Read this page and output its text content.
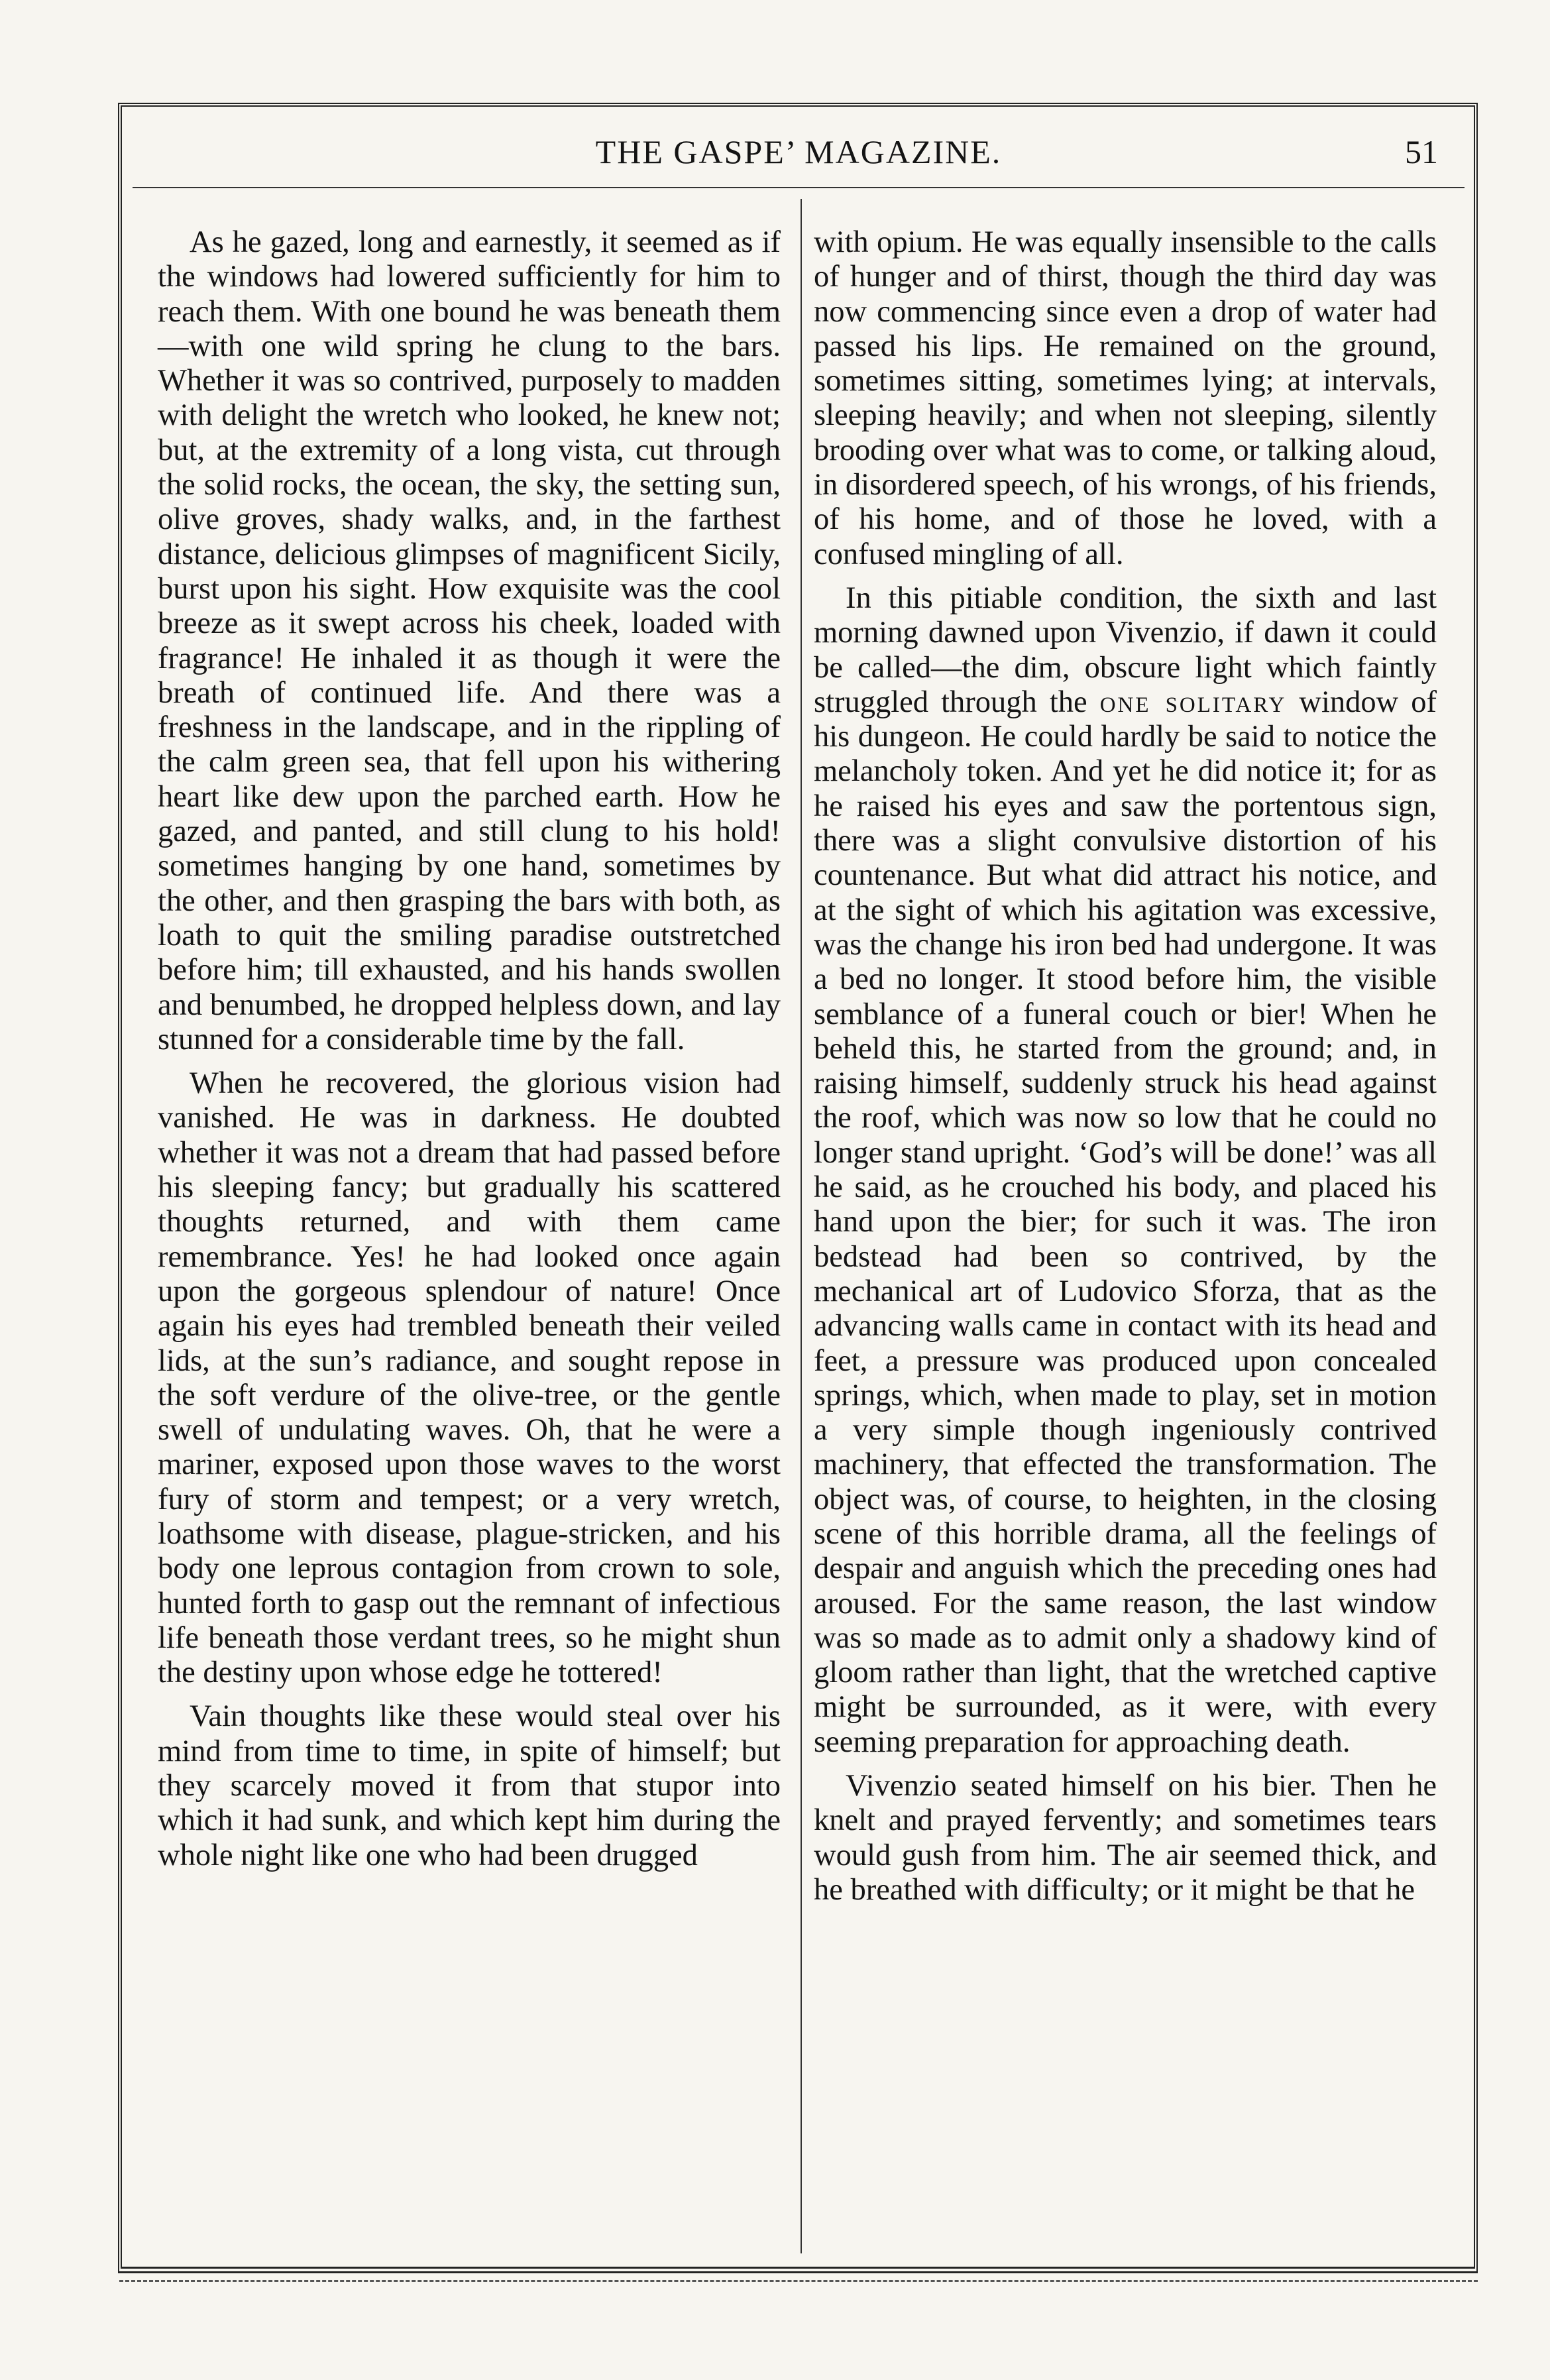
THE GASPE’ MAGAZINE.	51

As he gazed, long and earnestly, it seemed as if the windows had lowered sufficiently for him to reach them. With one bound he was beneath them—with one wild spring he clung to the bars. Whether it was so contrived, purposely to madden with delight the wretch who looked, he knew not; but, at the extremity of a long vista, cut through the solid rocks, the ocean, the sky, the setting sun, olive groves, shady walks, and, in the farthest distance, delicious glimpses of magnificent Sicily, burst upon his sight. How exquisite was the cool breeze as it swept across his cheek, loaded with fragrance! He inhaled it as though it were the breath of continued life. And there was a freshness in the landscape, and in the rippling of the calm green sea, that fell upon his withering heart like dew upon the parched earth. How he gazed, and panted, and still clung to his hold! sometimes hanging by one hand, sometimes by the other, and then grasping the bars with both, as loath to quit the smiling paradise outstretched before him; till exhausted, and his hands swollen and benumbed, he dropped helpless down, and lay stunned for a considerable time by the fall.

When he recovered, the glorious vision had vanished. He was in darkness. He doubted whether it was not a dream that had passed before his sleeping fancy; but gradually his scattered thoughts returned, and with them came remembrance. Yes! he had looked once again upon the gorgeous splendour of nature! Once again his eyes had trembled beneath their veiled lids, at the sun’s radiance, and sought repose in the soft verdure of the olive-tree, or the gentle swell of undulating waves. Oh, that he were a mariner, exposed upon those waves to the worst fury of storm and tempest; or a very wretch, loathsome with disease, plague-stricken, and his body one leprous contagion from crown to sole, hunted forth to gasp out the remnant of infectious life beneath those verdant trees, so he might shun the destiny upon whose edge he tottered!

Vain thoughts like these would steal over his mind from time to time, in spite of himself; but they scarcely moved it from that stupor into which it had sunk, and which kept him during the whole night like one who had been drugged

with opium. He was equally insensible to the calls of hunger and of thirst, though the third day was now commencing since even a drop of water had passed his lips. He remained on the ground, sometimes sitting, sometimes lying; at intervals, sleeping heavily; and when not sleeping, silently brooding over what was to come, or talking aloud, in disordered speech, of his wrongs, of his friends, of his home, and of those he loved, with a confused mingling of all.

In this pitiable condition, the sixth and last morning dawned upon Vivenzio, if dawn it could be called—the dim, obscure light which faintly struggled through the one solitary window of his dungeon. He could hardly be said to notice the melancholy token. And yet he did notice it; for as he raised his eyes and saw the portentous sign, there was a slight convulsive distortion of his countenance. But what did attract his notice, and at the sight of which his agitation was excessive, was the change his iron bed had undergone. It was a bed no longer. It stood before him, the visible semblance of a funeral couch or bier! When he beheld this, he started from the ground; and, in raising himself, suddenly struck his head against the roof, which was now so low that he could no longer stand upright. ‘God’s will be done!’ was all he said, as he crouched his body, and placed his hand upon the bier; for such it was. The iron bedstead had been so contrived, by the mechanical art of Ludovico Sforza, that as the advancing walls came in contact with its head and feet, a pressure was produced upon concealed springs, which, when made to play, set in motion a very simple though ingeniously contrived machinery, that effected the transformation. The object was, of course, to heighten, in the closing scene of this horrible drama, all the feelings of despair and anguish which the preceding ones had aroused. For the same reason, the last window was so made as to admit only a shadowy kind of gloom rather than light, that the wretched captive might be surrounded, as it were, with every seeming preparation for approaching death.

Vivenzio seated himself on his bier. Then he knelt and prayed fervently; and sometimes tears would gush from him. The air seemed thick, and he breathed with difficulty; or it might be that he
